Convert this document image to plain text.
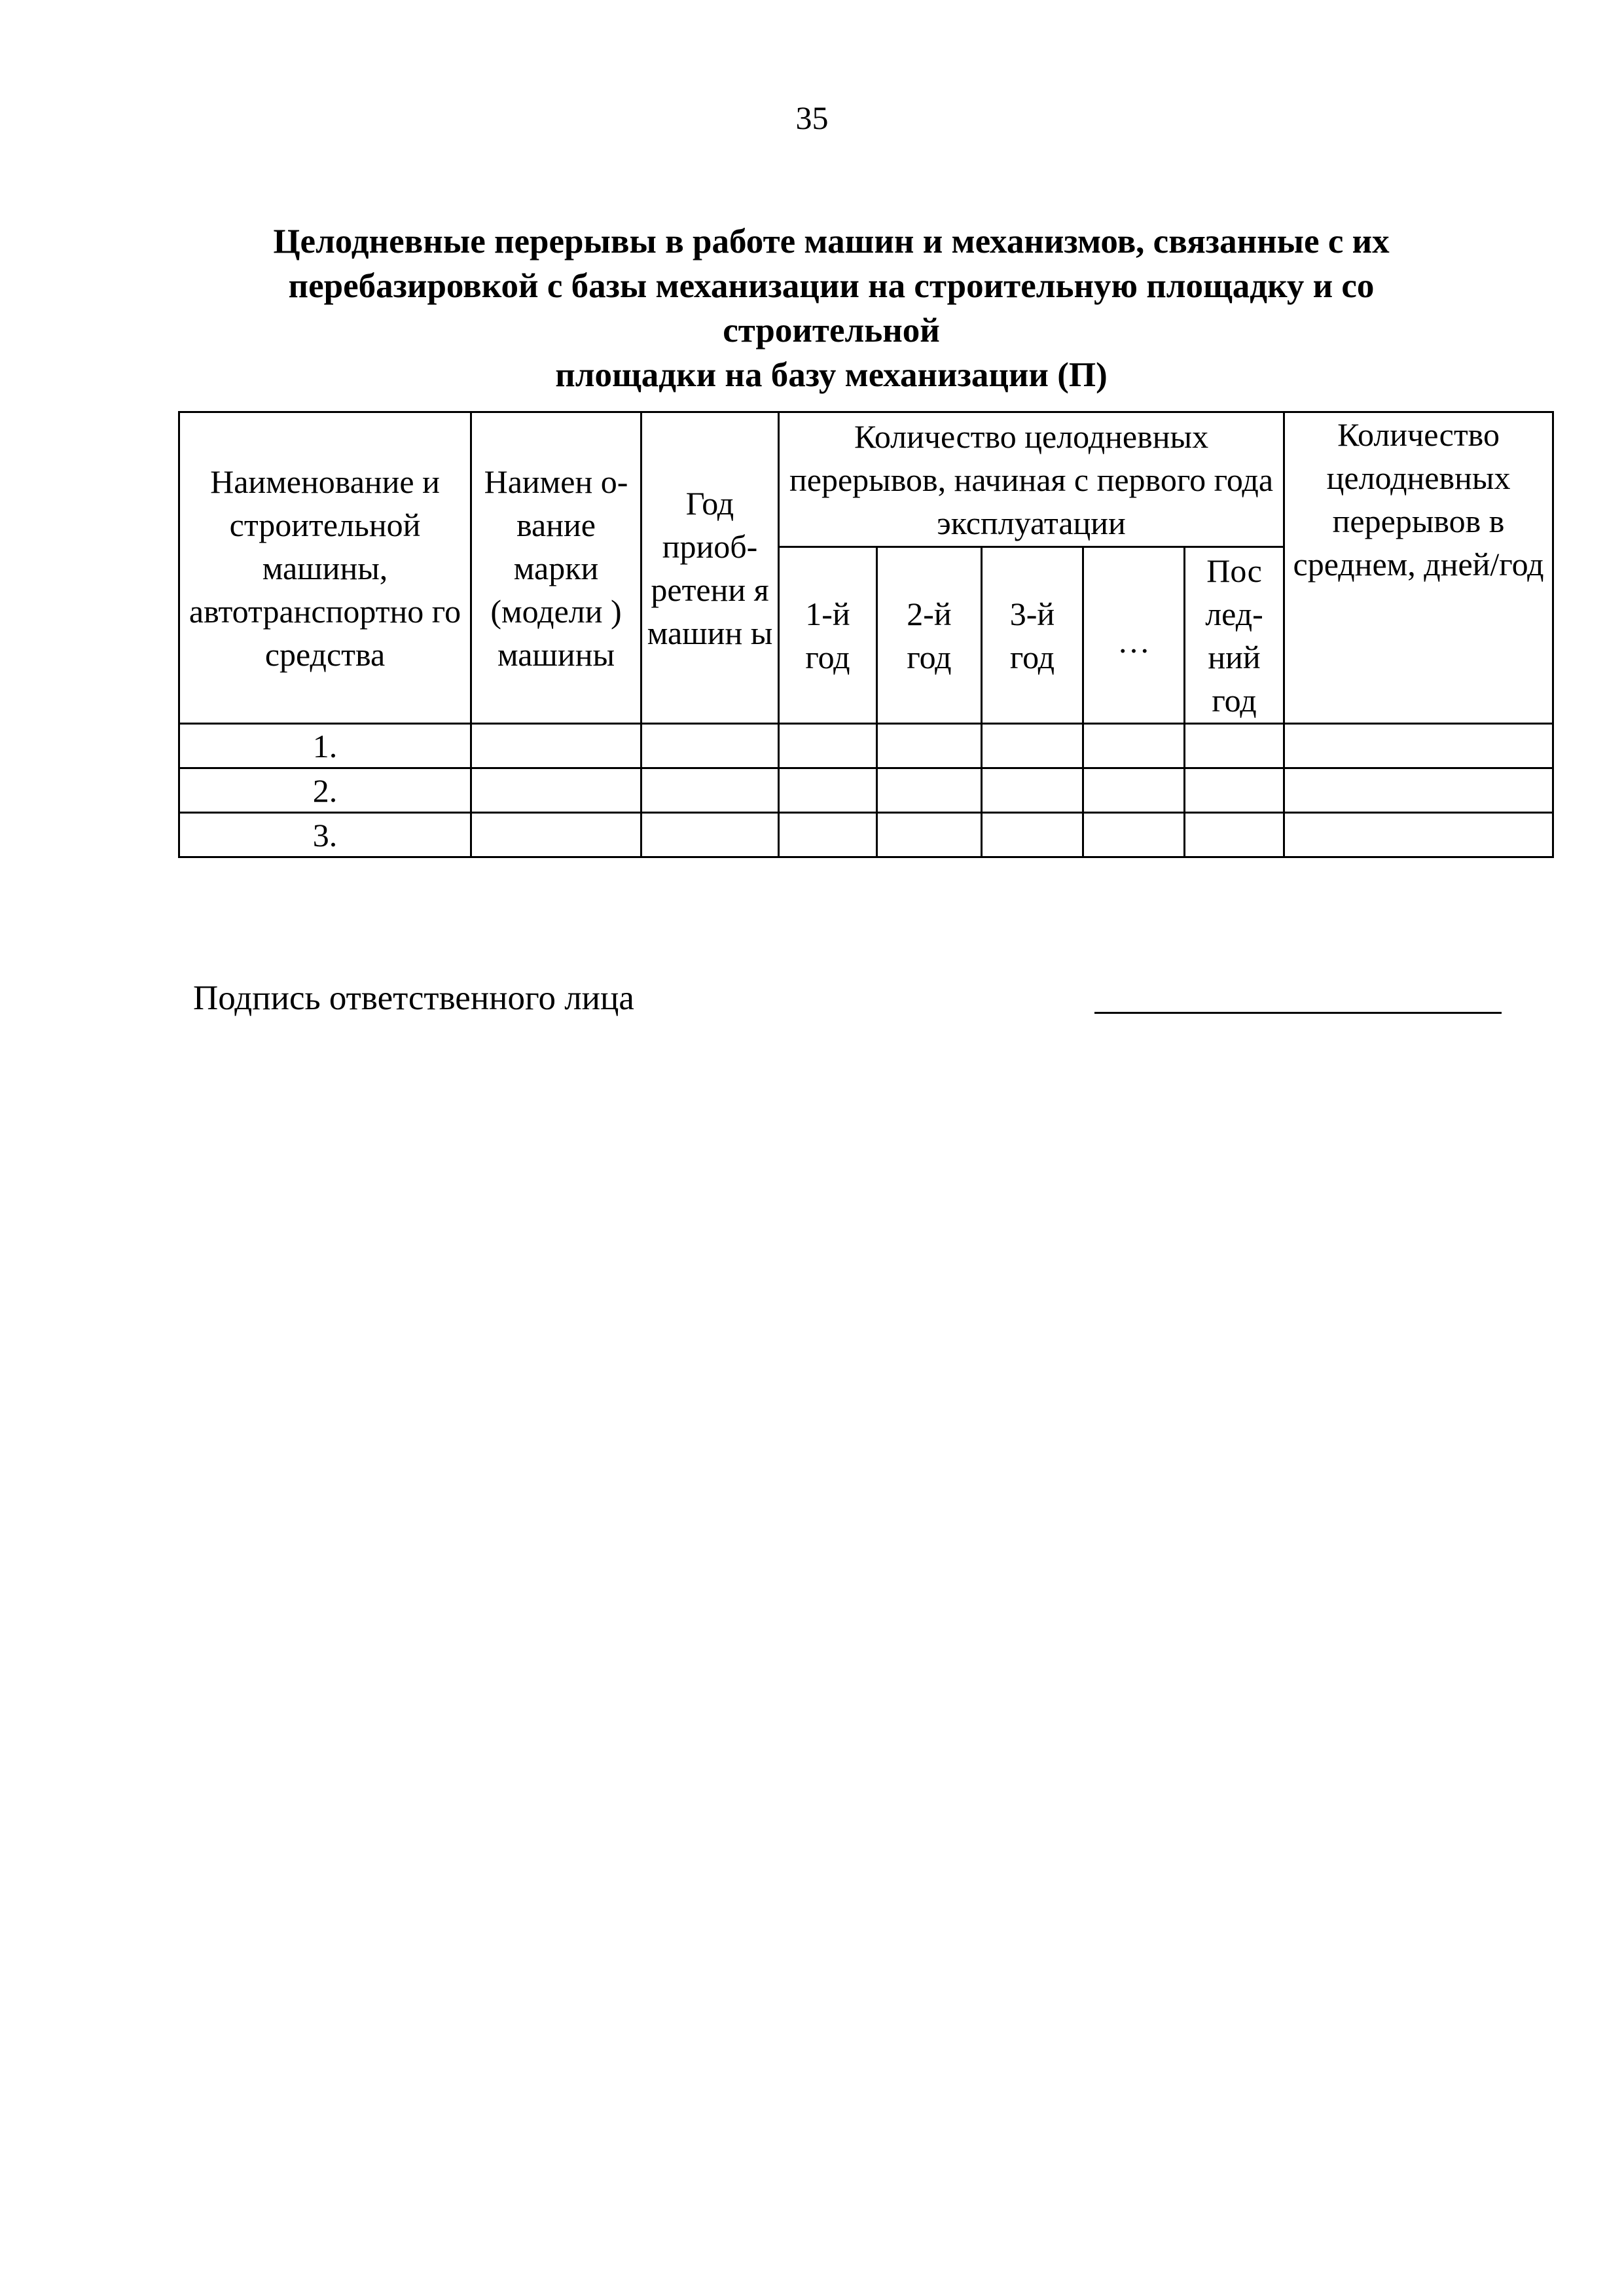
35
Целодневные перерывы в работе машин и механизмов, связанные с их
перебазировкой с базы механизации на строительную площадку и со
строительной
площадки на базу механизации (П)
Наименование и строительной машины, автотранспортно го средства	Наимен о-вание марки (модели ) машины	Год приоб- ретени я машин ы	Количество целодневных перерывов, начиная с первого года эксплуатации					Количество целодневных перерывов в среднем, дней/год

			1-й год	2-й год	3-й год	…	Пос лед- ний год	

1.								
2.								
3.								
Подпись ответственного лица
